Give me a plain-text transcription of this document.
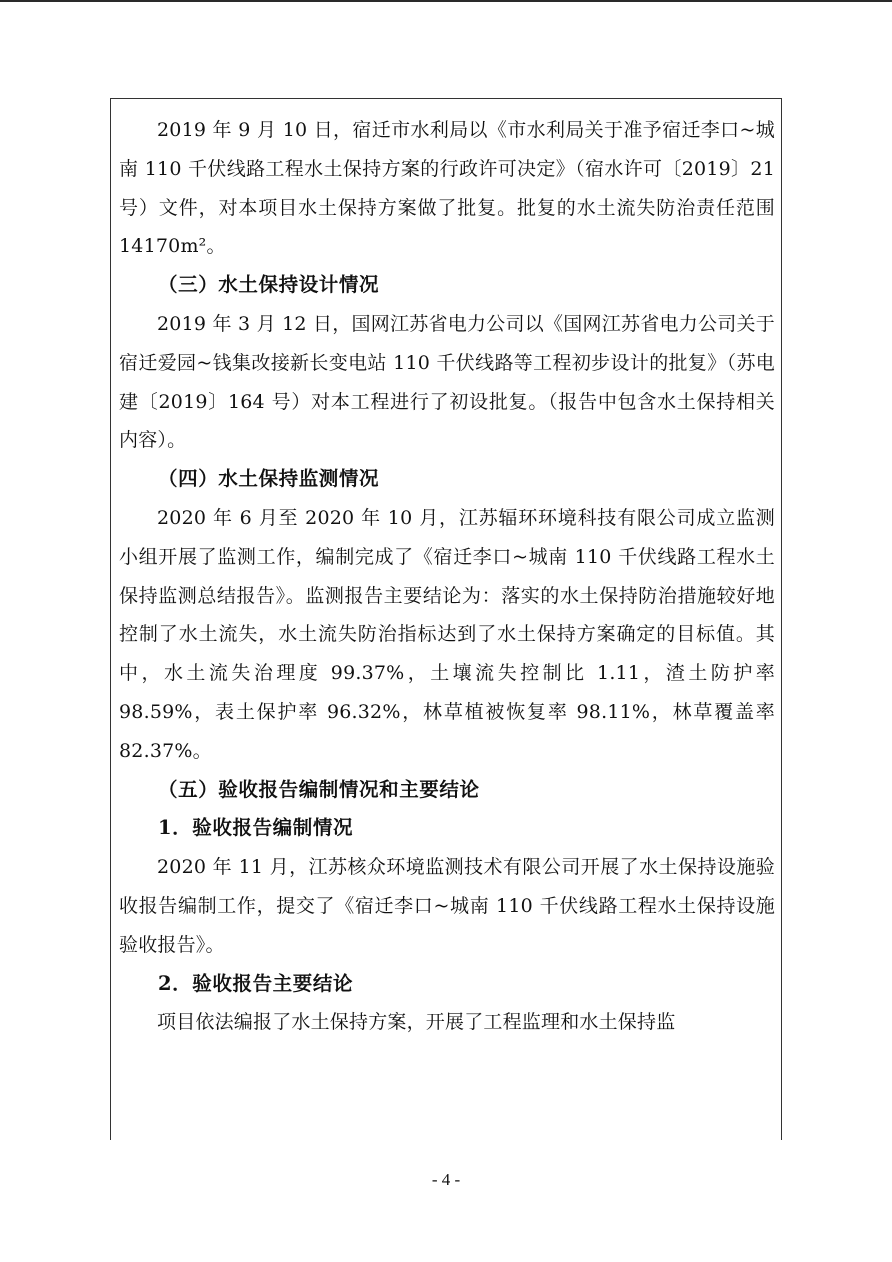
2019 年 9 月 10 日，宿迁市水利局以《市水利局关于准予宿迁李口~城南 110 千伏线路工程水土保持方案的行政许可决定》（宿水许可〔2019〕21 号）文件，对本项目水土保持方案做了批复。批复的水土流失防治责任范围 14170m²。

（三）水土保持设计情况

2019 年 3 月 12 日，国网江苏省电力公司以《国网江苏省电力公司关于宿迁爱园~钱集改接新长变电站 110 千伏线路等工程初步设计的批复》（苏电建〔2019〕164 号）对本工程进行了初设批复。（报告中包含水土保持相关内容）。

（四）水土保持监测情况

2020 年 6 月至 2020 年 10 月，江苏辐环环境科技有限公司成立监测小组开展了监测工作，编制完成了《宿迁李口~城南 110 千伏线路工程水土保持监测总结报告》。监测报告主要结论为：落实的水土保持防治措施较好地控制了水土流失，水土流失防治指标达到了水土保持方案确定的目标值。其中，水土流失治理度 99.37%，土壤流失控制比 1.11，渣土防护率 98.59%，表土保护率 96.32%，林草植被恢复率 98.11%，林草覆盖率 82.37%。

（五）验收报告编制情况和主要结论

1．验收报告编制情况

2020 年 11 月，江苏核众环境监测技术有限公司开展了水土保持设施验收报告编制工作，提交了《宿迁李口~城南 110 千伏线路工程水土保持设施验收报告》。

2．验收报告主要结论

项目依法编报了水土保持方案，开展了工程监理和水土保持监

- 4 -
